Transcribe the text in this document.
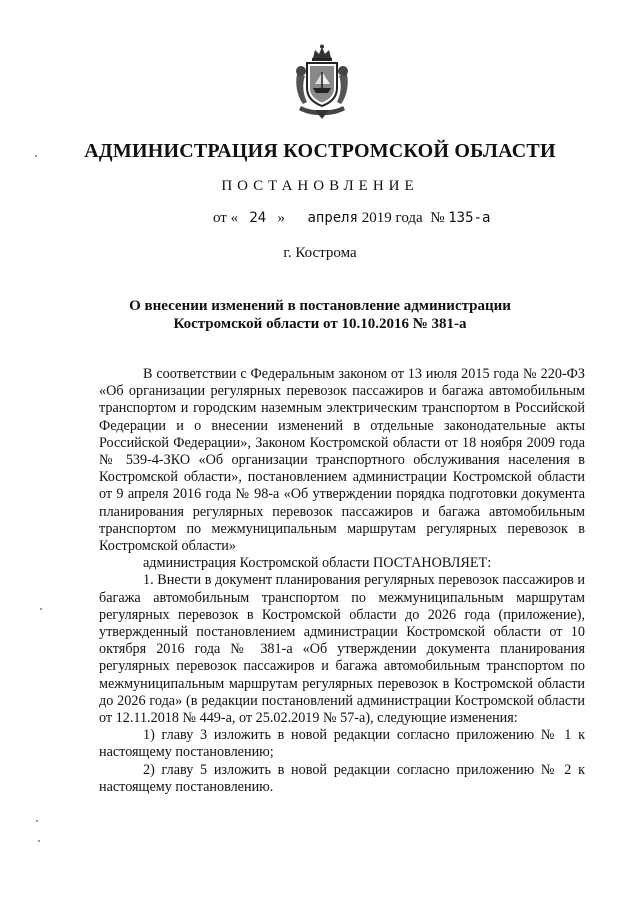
АДМИНИСТРАЦИЯ КОСТРОМСКОЙ ОБЛАСТИ
ПОСТАНОВЛЕНИЕ
от « 24 » апреля 2019 года № 135-а
г. Кострома
О внесении изменений в постановление администрации
Костромской области от 10.10.2016 № 381-а

В соответствии с Федеральным законом от 13 июля 2015 года № 220-ФЗ «Об организации регулярных перевозок пассажиров и багажа автомобильным транспортом и городским наземным электрическим транспортом в Российской Федерации и о внесении изменений в отдельные законодательные акты Российской Федерации», Законом Костромской области от 18 ноября 2009 года № 539-4-ЗКО «Об организации транспортного обслуживания населения в Костромской области», постановлением администрации Костромской области от 9 апреля 2016 года № 98-а «Об утверждении порядка подготовки документа планирования регулярных перевозок пассажиров и багажа автомобильным транспортом по межмуниципальным маршрутам регулярных перевозок в Костромской области»

администрация Костромской области ПОСТАНОВЛЯЕТ:

1. Внести в документ планирования регулярных перевозок пассажиров и багажа автомобильным транспортом по межмуниципальным маршрутам регулярных перевозок в Костромской области до 2026 года (приложение), утвержденный постановлением администрации Костромской области от 10 октября 2016 года № 381-а «Об утверждении документа планирования регулярных перевозок пассажиров и багажа автомобильным транспортом по межмуниципальным маршрутам регулярных перевозок в Костромской области до 2026 года» (в редакции постановлений администрации Костромской области от 12.11.2018 № 449-а, от 25.02.2019 № 57-а), следующие изменения:

1) главу 3 изложить в новой редакции согласно приложению № 1 к настоящему постановлению;

2) главу 5 изложить в новой редакции согласно приложению № 2 к настоящему постановлению.
